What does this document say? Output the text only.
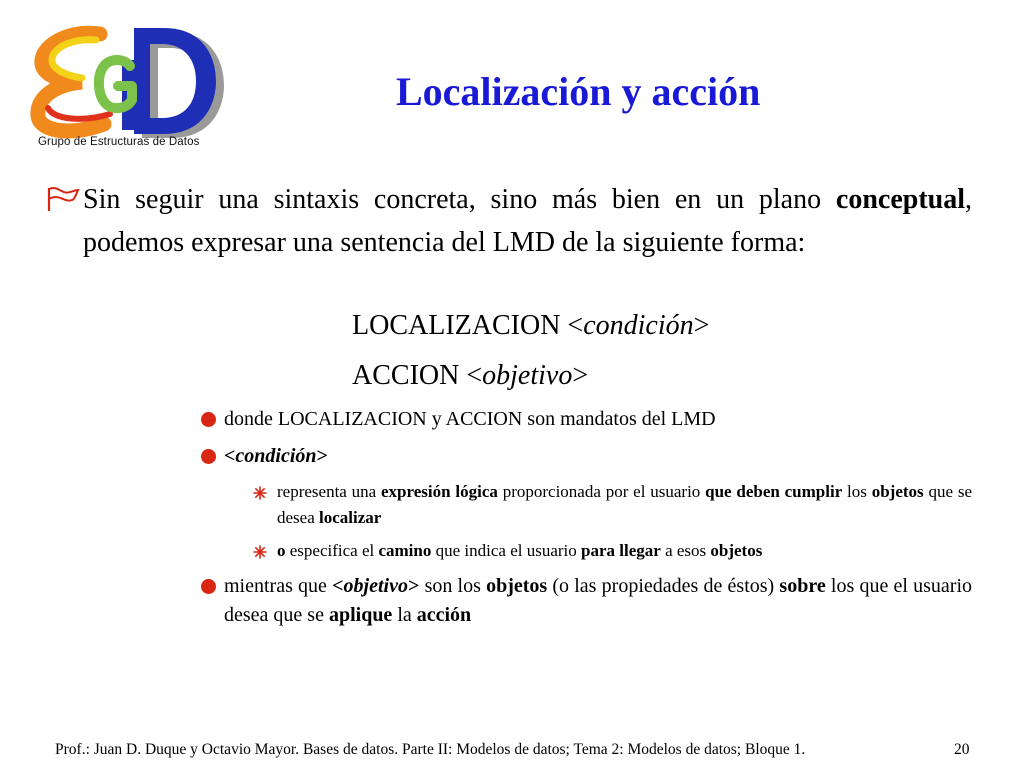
Grupo de Estructuras de Datos
Localización y acción
Sin seguir una sintaxis concreta, sino más bien en un plano conceptual, podemos expresar una sentencia del LMD de la siguiente forma:
LOCALIZACION <condición>
ACCION <objetivo>
donde LOCALIZACION y ACCION son mandatos del LMD
<condición>
representa una expresión lógica proporcionada por el usuario que deben cumplir los objetos que se desea localizar
o especifica el camino que indica el usuario para llegar a esos objetos
mientras que <objetivo> son los objetos (o las propiedades de éstos) sobre los que el usuario desea que se aplique la acción
Prof.: Juan D. Duque y Octavio Mayor. Bases de datos. Parte II: Modelos de datos; Tema 2: Modelos de datos; Bloque 1.	20
